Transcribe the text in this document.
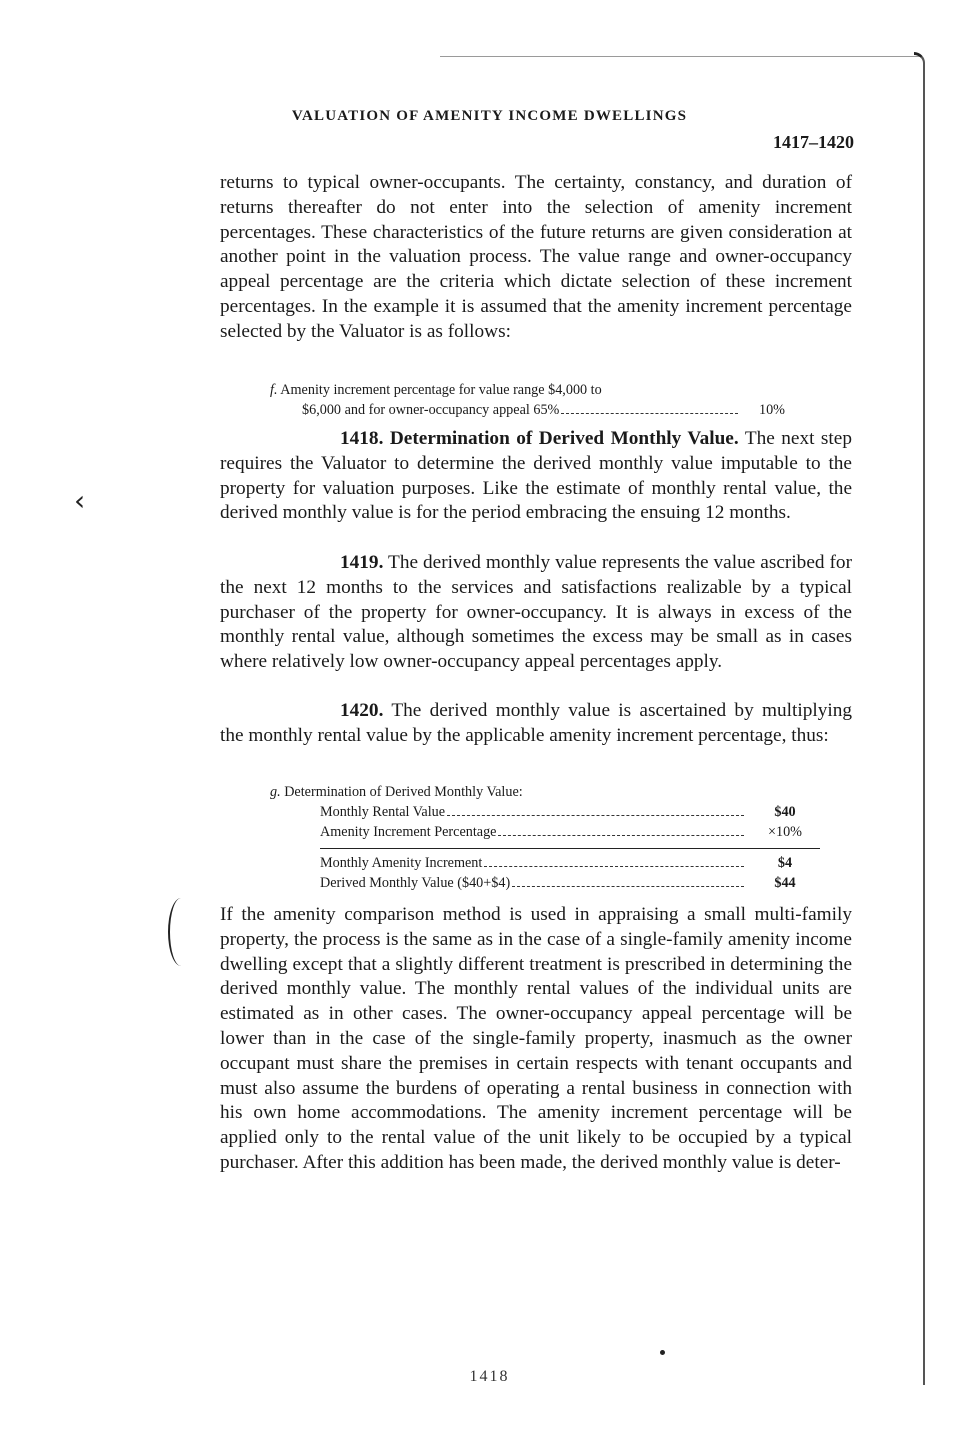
VALUATION OF AMENITY INCOME DWELLINGS
1417–1420

returns to typical owner-occupants. The certainty, constancy, and duration of returns thereafter do not enter into the selection of amenity increment percentages. These characteristics of the future returns are given consideration at another point in the valuation process. The value range and owner-occupancy appeal percentage are the criteria which dictate selection of these increment percentages. In the example it is assumed that the amenity increment percentage selected by the Valuator is as follows:

f. Amenity increment percentage for value range $4,000 to
$6,000 and for owner-occupancy appeal 65%	10%

1418. Determination of Derived Monthly Value. The next step requires the Valuator to determine the derived monthly value imputable to the property for valuation purposes. Like the estimate of monthly rental value, the derived monthly value is for the period embracing the ensuing 12 months.

1419. The derived monthly value represents the value ascribed for the next 12 months to the services and satisfactions realizable by a typical purchaser of the property for owner-occupancy. It is always in excess of the monthly rental value, although sometimes the excess may be small as in cases where relatively low owner-occupancy appeal percentages apply.

1420. The derived monthly value is ascertained by multiplying the monthly rental value by the applicable amenity increment percentage, thus:

g. Determination of Derived Monthly Value:
Monthly Rental Value	$40
Amenity Increment Percentage	×10%
Monthly Amenity Increment	$4
Derived Monthly Value ($40+$4)	$44
‹

If the amenity comparison method is used in appraising a small multi-family property, the process is the same as in the case of a single-family amenity income dwelling except that a slightly different treatment is prescribed in determining the derived monthly value. The monthly rental values of the individual units are estimated as in other cases. The owner-occupancy appeal percentage will be lower than in the case of the single-family property, inasmuch as the owner occupant must share the premises in certain respects with tenant occupants and must also assume the burdens of operating a rental business in connection with his own home accommodations. The amenity increment percentage will be applied only to the rental value of the unit likely to be occupied by a typical purchaser. After this addition has been made, the derived monthly value is deter-

1418
